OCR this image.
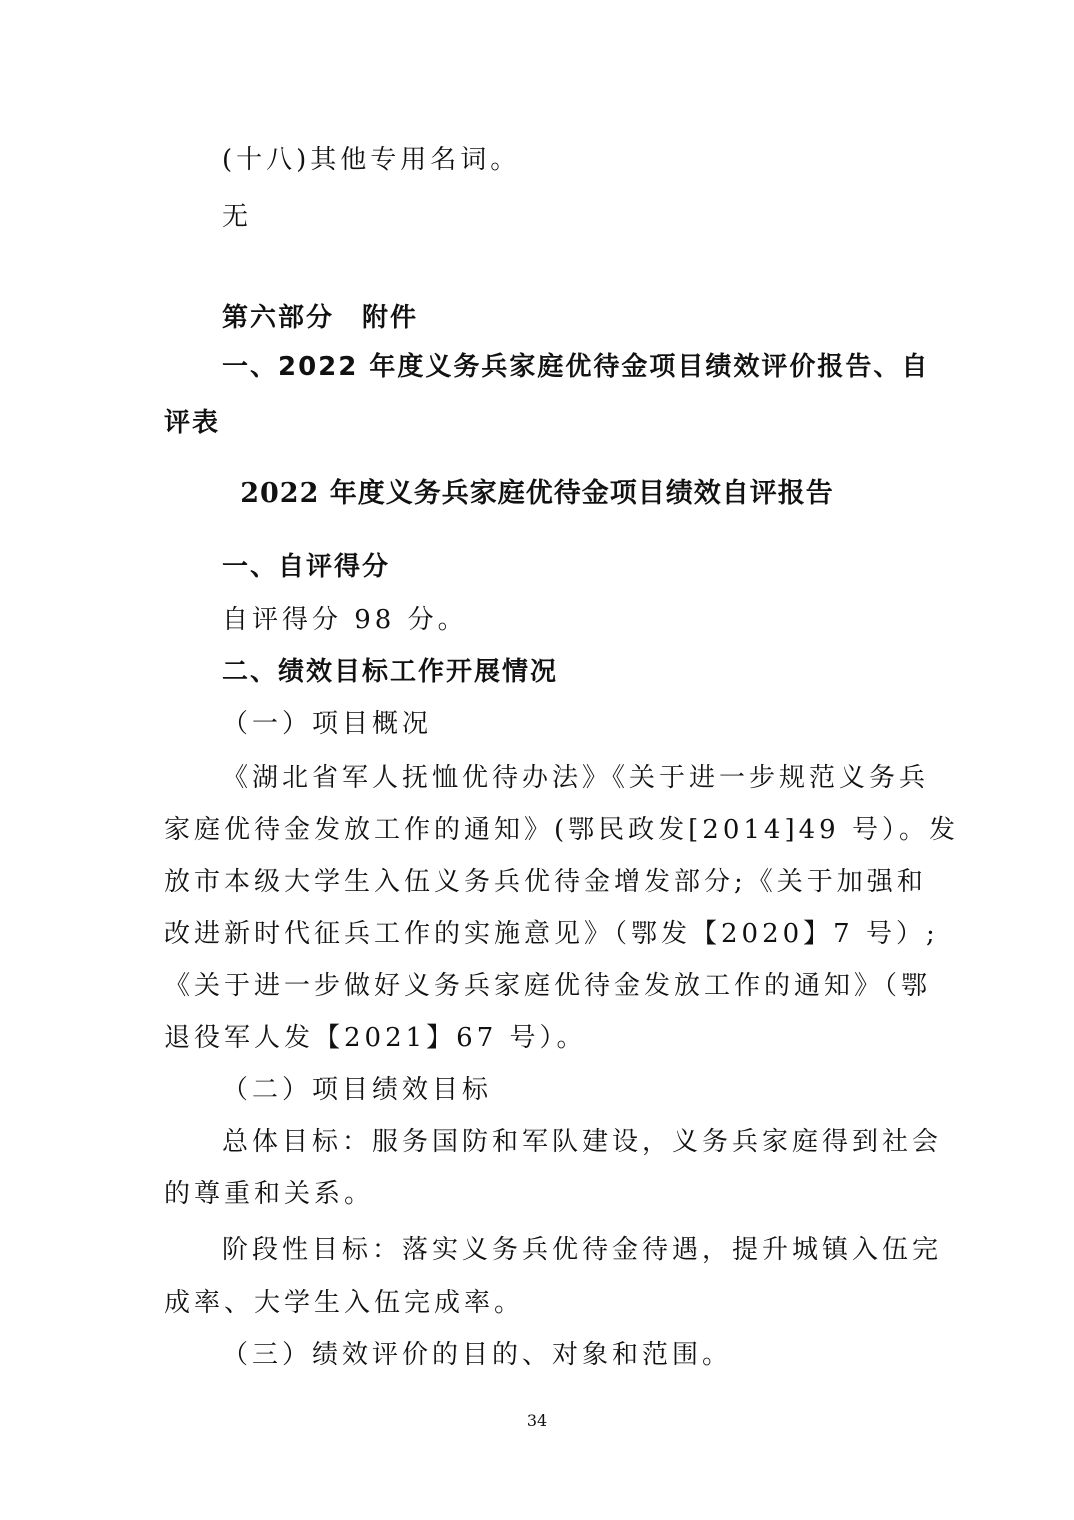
(十八)其他专用名词。
无
第六部分　附件
一、2022 年度义务兵家庭优待金项目绩效评价报告、自
评表
2022 年度义务兵家庭优待金项目绩效自评报告
一、自评得分
自评得分 98 分。
二、绩效目标工作开展情况
（一）项目概况
《湖北省军人抚恤优待办法》《关于进一步规范义务兵
家庭优待金发放工作的通知》(鄂民政发[2014]49 号）。发
放市本级大学生入伍义务兵优待金增发部分;《关于加强和
改进新时代征兵工作的实施意见》（鄂发【2020】7 号）;
《关于进一步做好义务兵家庭优待金发放工作的通知》（鄂
退役军人发【2021】67 号）。
（二）项目绩效目标
总体目标：服务国防和军队建设，义务兵家庭得到社会
的尊重和关系。
阶段性目标：落实义务兵优待金待遇，提升城镇入伍完
成率、大学生入伍完成率。
（三）绩效评价的目的、对象和范围。
34
